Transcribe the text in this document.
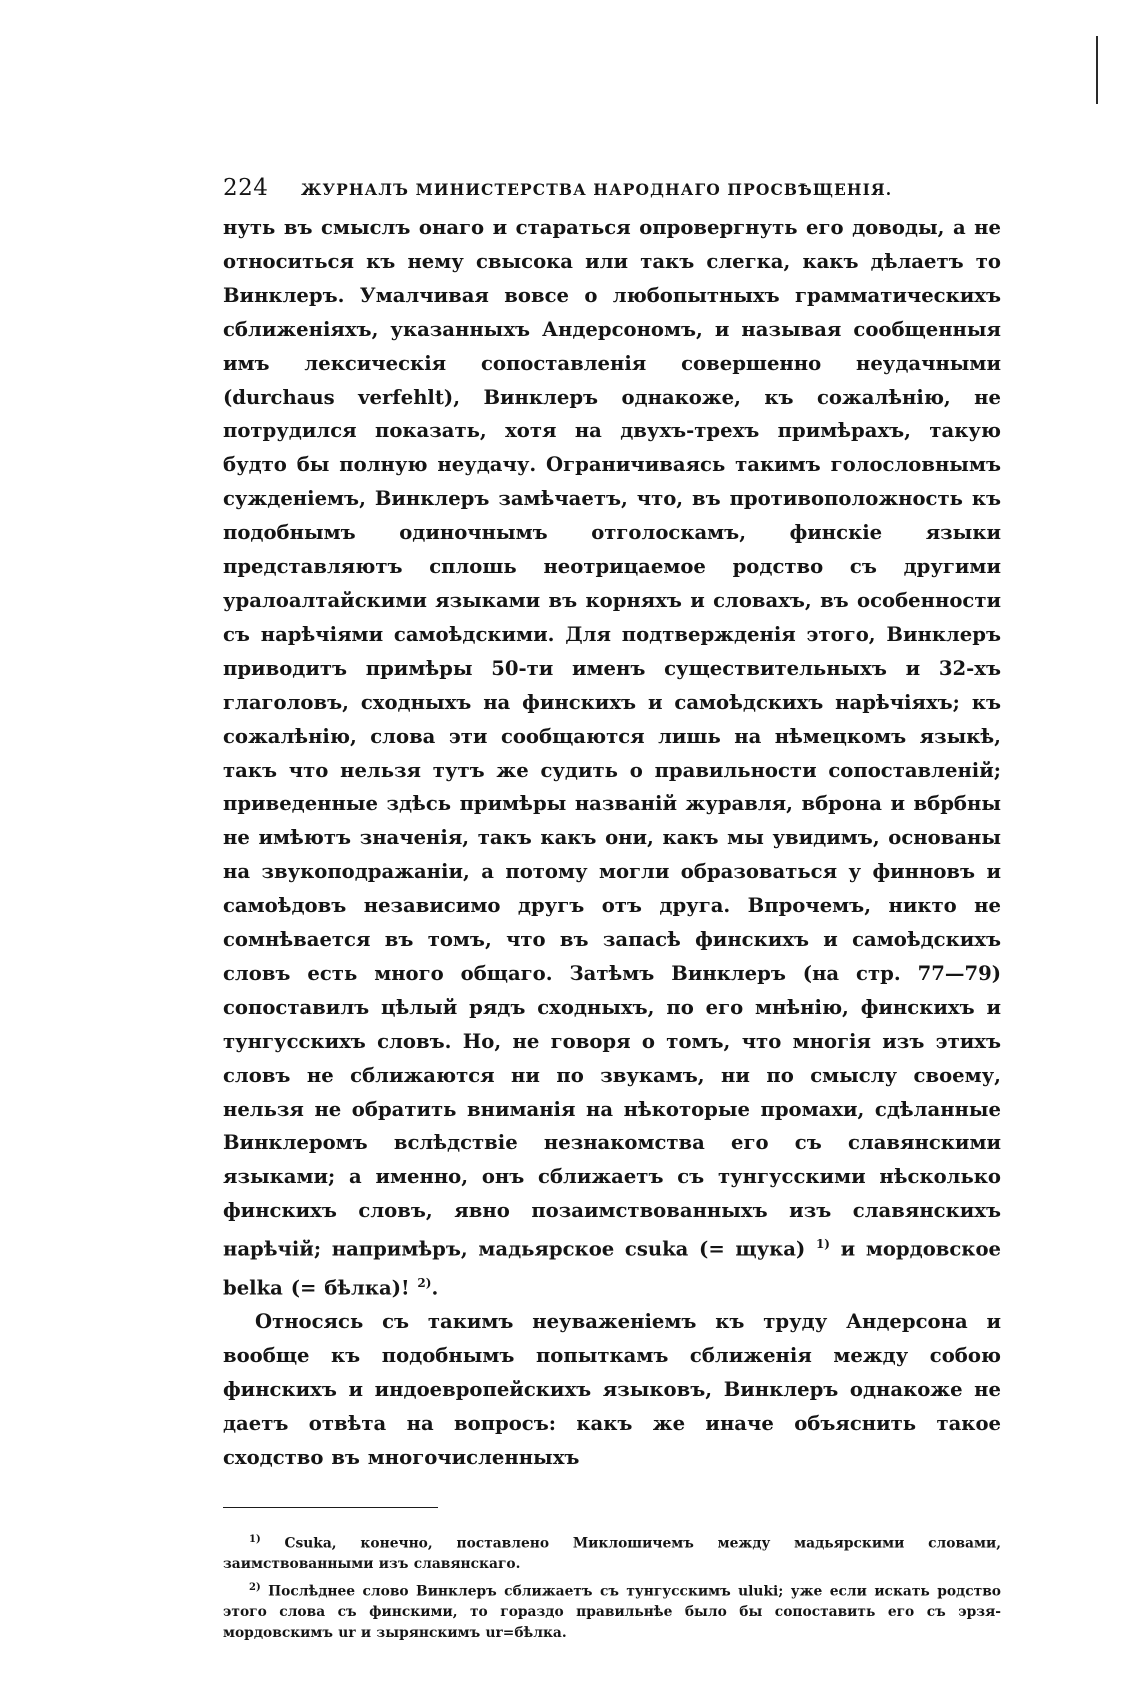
224	ЖУРНАЛЪ МИНИСТЕРСТВА НАРОДНАГО ПРОСВѢЩЕНІЯ.

нуть въ смыслъ онаго и стараться опровергнуть его доводы, а не относиться къ нему свысока или такъ слегка, какъ дѣлаетъ то Винклеръ. Умалчивая вовсе о любопытныхъ грамматическихъ сближеніяхъ, указанныхъ Андерсономъ, и называя сообщенныя имъ лексическія сопоставленія совершенно неудачными (durchaus verfehlt), Винклеръ однакоже, къ сожалѣнію, не потрудился показать, хотя на двухъ-трехъ примѣрахъ, такую будто бы полную неудачу. Ограничиваясь такимъ голословнымъ сужденіемъ, Винклеръ замѣчаетъ, что, въ противоположность къ подобнымъ одиночнымъ отголоскамъ, финскіе языки представляютъ сплошь неотрицаемое родство съ другими уралоалтайскими языками въ корняхъ и словахъ, въ особенности съ нарѣчіями самоѣдскими. Для подтвержденія этого, Винклеръ приводитъ примѣры 50-ти именъ существительныхъ и 32-хъ глаголовъ, сходныхъ на финскихъ и самоѣдскихъ нарѣчіяхъ; къ сожалѣнію, слова эти сообщаются лишь на нѣмецкомъ языкѣ, такъ что нельзя тутъ же судить о правильности сопоставленій; приведенные здѣсь примѣры названій журавля, вброна и вбрбны не имѣютъ значенія, такъ какъ они, какъ мы увидимъ, основаны на звукоподражаніи, а потому могли образоваться у финновъ и самоѣдовъ независимо другъ отъ друга. Впрочемъ, никто не сомнѣвается въ томъ, что въ запасѣ финскихъ и самоѣдскихъ словъ есть много общаго. Затѣмъ Винклеръ (на стр. 77—79) сопоставилъ цѣлый рядъ сходныхъ, по его мнѣнію, финскихъ и тунгусскихъ словъ. Но, не говоря о томъ, что многія изъ этихъ словъ не сближаются ни по звукамъ, ни по смыслу своему, нельзя не обратить вниманія на нѣкоторые промахи, сдѣланные Винклеромъ вслѣдствіе незнакомства его съ славянскими языками; а именно, онъ сближаетъ съ тунгусскими нѣсколько финскихъ словъ, явно позаимствованныхъ изъ славянскихъ нарѣчій; напримѣръ, мадьярское csuka (= щука) $^{1)}$ и мордовское belka (= бѣлка)! $^{2)}$.

Относясь съ такимъ неуваженіемъ къ труду Андерсона и вообще къ подобнымъ попыткамъ сближенія между собою финскихъ и индоевропейскихъ языковъ, Винклеръ однакоже не даетъ отвѣта на вопросъ: какъ же иначе объяснить такое сходство въ многочисленныхъ

$^{1)}$ Csuka, конечно, поставлено Миклошичемъ между мадьярскими словами, заимствованными изъ славянскаго.

$^{2)}$ Послѣднее слово Винклеръ сближаетъ съ тунгусскимъ uluki; уже если искать родство этого слова съ финскими, то гораздо правильнѣе было бы сопоставить его съ эрзя-мордовскимъ ur и зырянскимъ ur=бѣлка.
